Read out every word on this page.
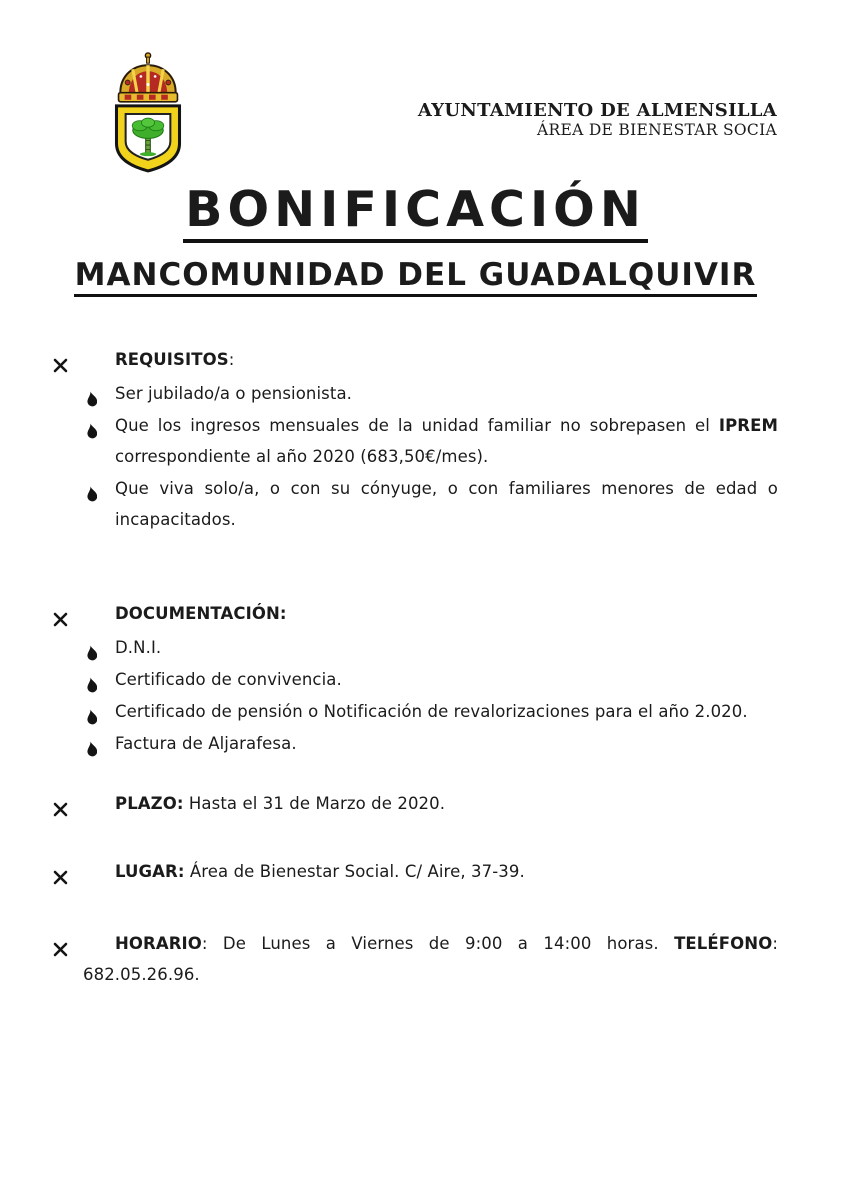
AYUNTAMIENTO DE ALMENSILLA
ÁREA DE BIENESTAR SOCIA
BONIFICACIÓN
MANCOMUNIDAD DEL GUADALQUIVIR
REQUISITOS:
Ser jubilado/a o pensionista.
Que los ingresos mensuales de la unidad familiar no sobrepasen el IPREM
correspondiente al año 2020 (683,50€/mes).
Que viva solo/a, o con su cónyuge, o con familiares menores de edad o
incapacitados.
DOCUMENTACIÓN:
D.N.I.
Certificado de convivencia.
Certificado de pensión o Notificación de revalorizaciones para el año 2.020.
Factura de Aljarafesa.
PLAZO: Hasta el 31 de Marzo de 2020.
LUGAR: Área de Bienestar Social. C/ Aire, 37-39.
HORARIO: De Lunes a Viernes de 9:00 a 14:00 horas. TELÉFONO:
682.05.26.96.
